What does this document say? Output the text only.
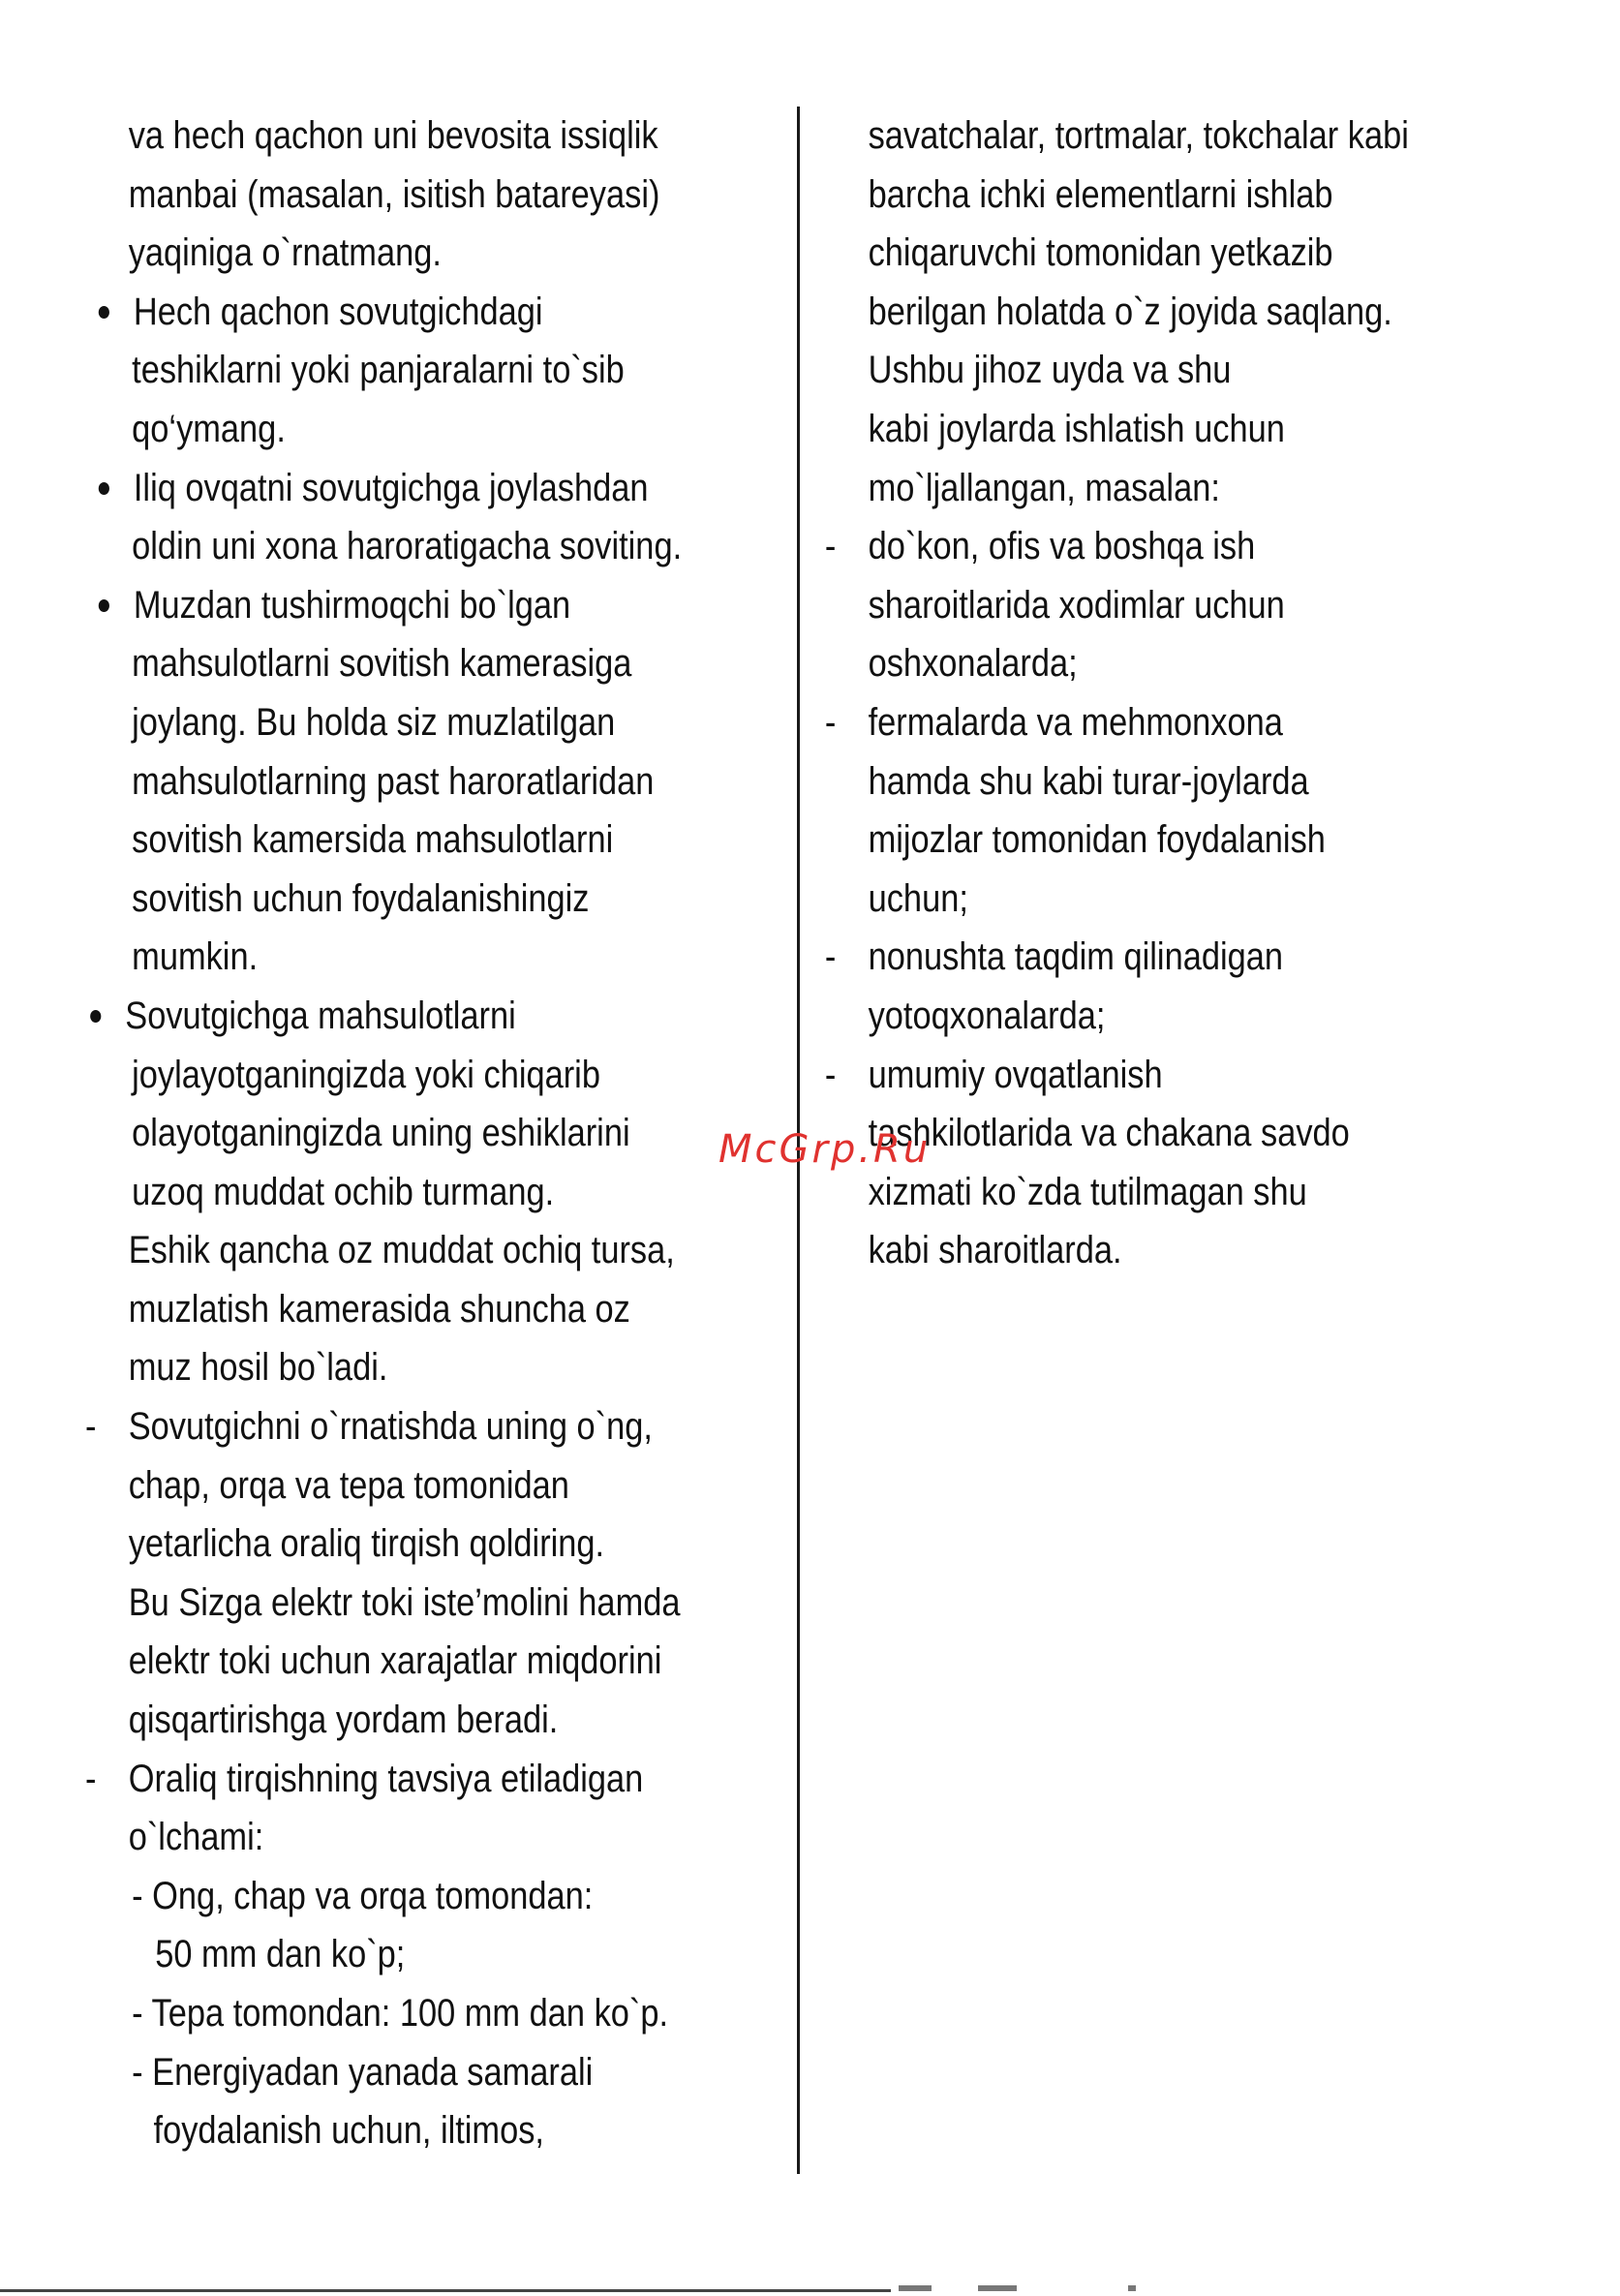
va hech qachon uni bevosita issiqlik
manbai (masalan, isitish batareyasi)
yaqiniga o`rnatmang.
Hech qachon sovutgichdagi
teshiklarni yoki panjaralarni to`sib
qo‘ymang.
Iliq ovqatni sovutgichga joylashdan
oldin uni xona haroratigacha soviting.
Muzdan tushirmoqchi bo`lgan
mahsulotlarni sovitish kamerasiga
joylang. Bu holda siz muzlatilgan
mahsulotlarning past haroratlaridan
sovitish kamersida mahsulotlarni
sovitish uchun foydalanishingiz
mumkin.
Sovutgichga mahsulotlarni
joylayotganingizda yoki chiqarib
olayotganingizda uning eshiklarini
uzoq muddat ochib turmang.
Eshik qancha oz muddat ochiq tursa,
muzlatish kamerasida shuncha oz
muz hosil bo`ladi.
- Sovutgichni o`rnatishda uning o`ng,
chap, orqa va tepa tomonidan
yetarlicha oraliq tirqish qoldiring.
Bu Sizga elektr toki iste’molini hamda
elektr toki uchun xarajatlar miqdorini
qisqartirishga yordam beradi.
- Oraliq tirqishning tavsiya etiladigan
o`lchami:
- Ong, chap va orqa tomondan:
50 mm dan ko`p;
- Tepa tomondan: 100 mm dan ko`p.
- Energiyadan yanada samarali
foydalanish uchun, iltimos,
savatchalar, tortmalar, tokchalar kabi
barcha ichki elementlarni ishlab
chiqaruvchi tomonidan yetkazib
berilgan holatda o`z joyida saqlang.
Ushbu jihoz uyda va shu
kabi joylarda ishlatish uchun
mo`ljallangan, masalan:
- do`kon, ofis va boshqa ish
sharoitlarida xodimlar uchun
oshxonalarda;
- fermalarda va mehmonxona
hamda shu kabi turar-joylarda
mijozlar tomonidan foydalanish
uchun;
- nonushta taqdim qilinadigan
yotoqxonalarda;
- umumiy ovqatlanish
tashkilotlarida va chakana savdo
xizmati ko`zda tutilmagan shu
kabi sharoitlarda.
McGrp.Ru
